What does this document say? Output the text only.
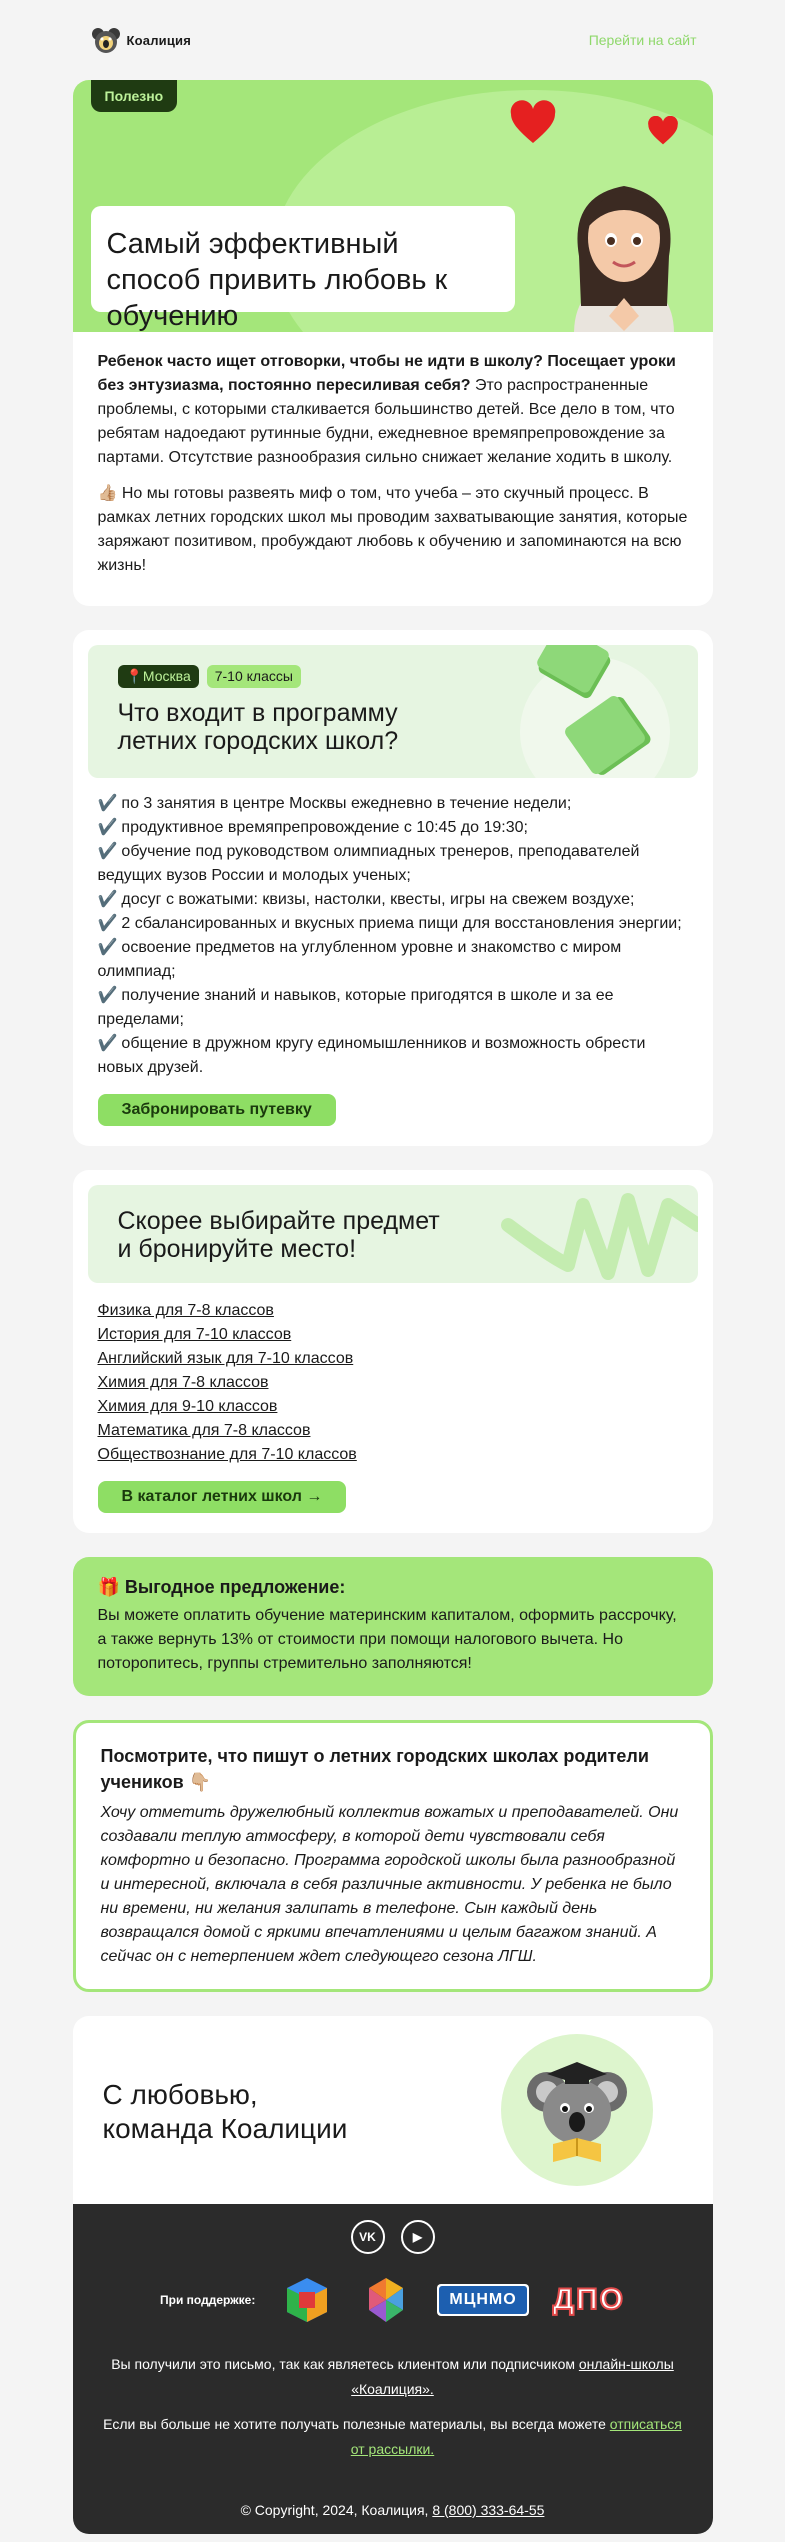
Коалиция	Перейти на сайт
Полезно
Самый эффективный способ привить любовь к обучению

Ребенок часто ищет отговорки, чтобы не идти в школу? Посещает уроки без энтузиазма, постоянно пересиливая себя? Это распространенные проблемы, с которыми сталкивается большинство детей. Все дело в том, что ребятам надоедают рутинные будни, ежедневное времяпрепровождение за партами. Отсутствие разнообразия сильно снижает желание ходить в школу.

👍🏼 Но мы готовы развеять миф о том, что учеба – это скучный процесс. В рамках летних городских школ мы проводим захватывающие занятия, которые заряжают позитивом, пробуждают любовь к обучению и запоминаются на всю жизнь!

📍Москва	7-10 классы
Что входит в программу
летних городских школ?
✔️ по 3 занятия в центре Москвы ежедневно в течение недели;
✔️ продуктивное времяпрепровождение с 10:45 до 19:30;
✔️ обучение под руководством олимпиадных тренеров, преподавателей ведущих вузов России и молодых ученых;
✔️ досуг с вожатыми: квизы, настолки, квесты, игры на свежем воздухе;
✔️ 2 сбалансированных и вкусных приема пищи для восстановления энергии;
✔️ освоение предметов на углубленном уровне и знакомство с миром олимпиад;
✔️ получение знаний и навыков, которые пригодятся в школе и за ее пределами;
✔️ общение в дружном кругу единомышленников и возможность обрести новых друзей.
Забронировать путевку
Скорее выбирайте предмет
и бронируйте место!
Физика для 7-8 классов
История для 7-10 классов
Английский язык для 7-10 классов
Химия для 7-8 классов
Химия для 9-10 классов
Математика для 7-8 классов
Обществознание для 7-10 классов
В каталог летних школ →
🎁 Выгодное предложение:
Вы можете оплатить обучение материнским капиталом, оформить рассрочку, а также вернуть 13% от стоимости при помощи налогового вычета. Но поторопитесь, группы стремительно заполняются!
Посмотрите, что пишут о летних городских школах родители учеников 👇🏼
Хочу отметить дружелюбный коллектив вожатых и преподавателей. Они создавали теплую атмосферу, в которой дети чувствовали себя комфортно и безопасно. Программа городской школы была разнообразной и интересной, включала в себя различные активности. У ребенка не было ни времени, ни желания залипать в телефоне. Сын каждый день возвращался домой с яркими впечатлениями и целым багажом знаний. А сейчас он с нетерпением ждет следующего сезона ЛГШ.
С любовью,
команда Коалиции
VK	▶
При поддержке:	МЦНМО	ДПО

Вы получили это письмо, так как являетесь клиентом или подписчиком онлайн-школы «Коалиция».

Если вы больше не хотите получать полезные материалы, вы всегда можете отписаться от рассылки.

© Copyright, 2024, Коалиция, 8 (800) 333-64-55
